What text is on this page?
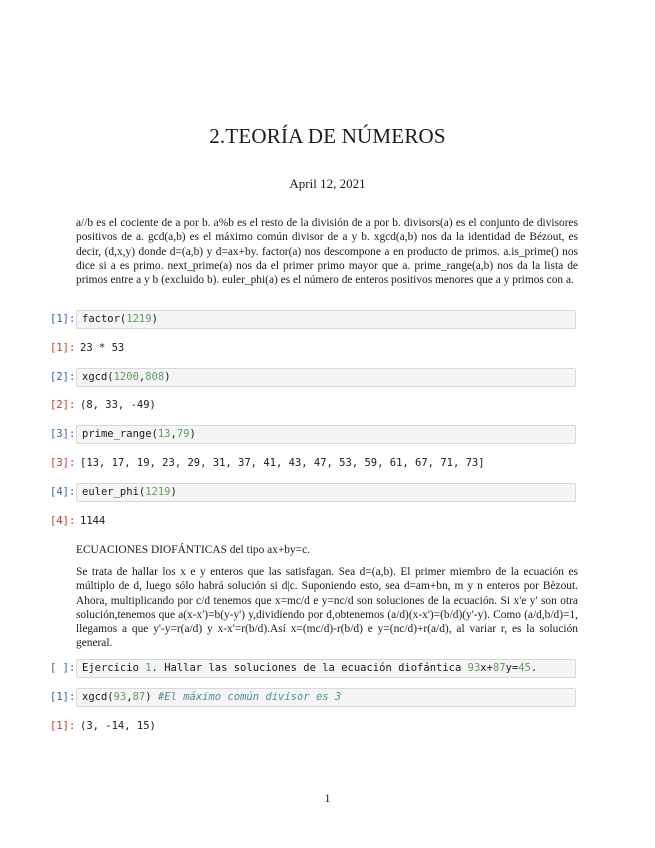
2.TEORÍA DE NÚMEROS
April 12, 2021
a//b es el cociente de a por b. a%b es el resto de la división de a por b. divisors(a) es el conjunto de divisores positivos de a. gcd(a,b) es el máximo común divisor de a y b. xgcd(a,b) nos da la identidad de Bézout, es decir, (d,x,y) donde d=(a,b) y d=ax+by. factor(a) nos descompone a en producto de primos. a.is_prime() nos dice si a es primo. next_prime(a) nos da el primer primo mayor que a. prime_range(a,b) nos da la lista de primos entre a y b (excluido b). euler_phi(a) es el número de enteros positivos menores que a y primos con a.
[1]: factor(1219)
[1]: 23 * 53
[2]: xgcd(1200,808)
[2]: (8, 33, -49)
[3]: prime_range(13,79)
[3]: [13, 17, 19, 23, 29, 31, 37, 41, 43, 47, 53, 59, 61, 67, 71, 73]
[4]: euler_phi(1219)
[4]: 1144
ECUACIONES DIOFÁNTICAS del tipo ax+by=c.
Se trata de hallar los x e y enteros que las satisfagan. Sea d=(a,b). El primer miembro de la ecuación es múltiplo de d, luego sólo habrá solución si d|c. Suponiendo esto, sea d=am+bn, m y n enteros por Bèzout. Ahora, multiplicando por c/d tenemos que x=mc/d e y=nc/d son soluciones de la ecuación. Si x'e y' son otra solución,tenemos que a(x-x')=b(y-y') y,dividiendo por d,obtenemos (a/d)(x-x')=(b/d)(y'-y). Como (a/d,b/d)=1, llegamos a que y'-y=r(a/d) y x-x'=r(b/d).Así x=(mc/d)-r(b/d) e y=(nc/d)+r(a/d), al variar r, es la solución general.
[ ]: Ejercicio 1. Hallar las soluciones de la ecuación diofántica 93x+87y=45.
[1]: xgcd(93,87) #El máximo común divisor es 3
[1]: (3, -14, 15)
1
